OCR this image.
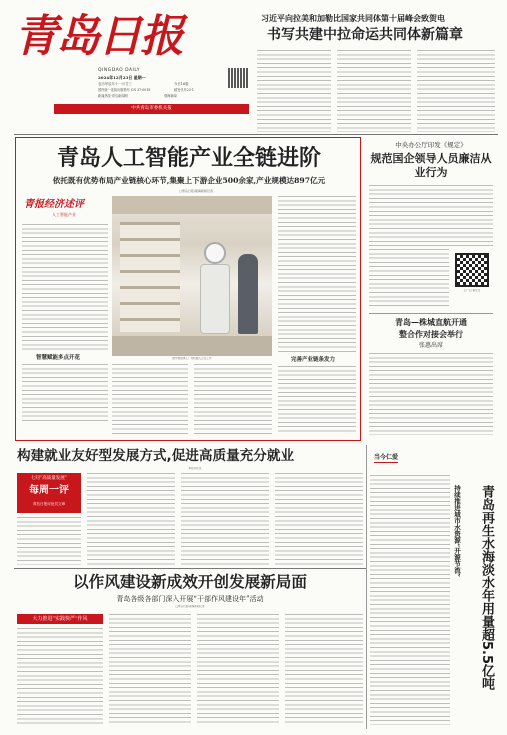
青岛日报
QINGDAO DAILY
2024年12月23日 星期一
农历甲辰年十一月廿三	今日16版
国内统一连续出版物号 CN 37-0018	邮发代号23-1
新闻热线·青岛新闻网	观海新闻
中共青岛市委机关报
习近平向拉美和加勒比国家共同体第十届峰会致贺电
书写共建中拉命运共同体新篇章
青岛人工智能产业全链进阶
依托既有优势布局产业链核心环节,集聚上下游企业500余家,产业规模达897亿元
□青岛日报/观海新闻记者
青报经济述评
人工智能产业
智慧赋能多点开花	图中智能体工厂内机器人正在工作	完善产业链条发力
中央办公厅印发《规定》
规范国企领导人员廉洁从业行为
扫一扫 看全文
青岛—株城直航开通
整合作对接会举行
张惠出席
构建就业友好型发展方式,促进高质量充分就业
本报评论员
七问“高质量发展”
每周一评
青岛日报评论员文章
以作风建设新成效开创发展新局面
青岛各级各部门深入开展“干部作风建设年”活动
□青岛日报/观海新闻记者
大力推进“实践快严”作风
持续推进城市水资源“开源节流”	青岛再生水海淡水年用量超5.5亿吨
当今仁爱
